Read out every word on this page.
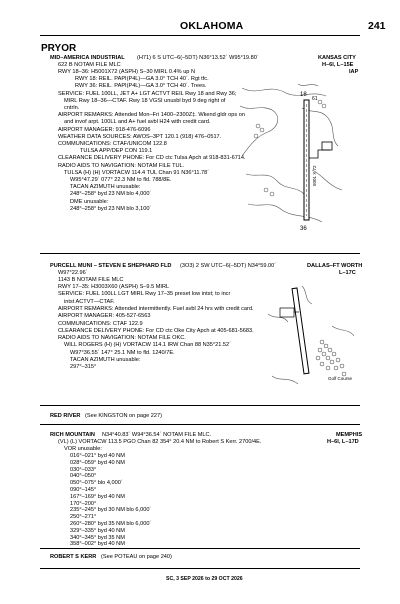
OKLAHOMA	241
PRYOR
MID–AMERICA INDUSTRIAL (H71) 6 S UTC–6(–5DT) N36°13.52´ W95°19.80´	KANSAS CITY
622 B NOTAM FILE MLC	H–6I, L–15E
IAP
RWY 18–36: H5001X72 (ASPH) S–30 MIRL 0.4% up N
RWY 18: REIL. PAPI(P4L)—GA 3.0° TCH 40´. Rgt tfc.
RWY 36: REIL. PAPI(P4L)—GA 3.0° TCH 40´. Trees.
SERVICE: FUEL 100LL, JET A+ LGT ACTVT REIL Rwy 18 and Rwy 36;
MIRL Rwy 18–36—CTAF. Rwy 18 VGSI unusbl byd 9 deg right of
cntrln.
AIRPORT REMARKS: Attended Mon–Fri 1400–2300Z‡. Wkend gldr ops on
and invof arpt. 100LL and A+ fuel avbl H24 with credit card.
AIRPORT MANAGER: 918-476-6096
WEATHER DATA SOURCES: AWOS–3PT 120.1 (918) 476–0517.
COMMUNICATIONS: CTAF/UNICOM 122.8
TULSA APP/DEP CON 119.1
CLEARANCE DELIVERY PHONE: For CD ctc Tulsa Apch at 918-831-6714.
RADIO AIDS TO NAVIGATION: NOTAM FILE TUL.
TULSA (H) (H) VORTACW 114.4 TUL Chan 91 N36°11.78´
W95°47.29´ 077° 22.3 NM to fld. 788/8E.
TACAN AZIMUTH unusable:
248°–258° byd 23 NM blo 4,000´
DME unusable:
248°–258° byd 23 NM blo 3,100´
18
36
5001 X 72
61
PURCELL MUNI – STEVEN E SHEPHARD FLD (3O3) 2 SW UTC–6(–5DT) N34°59.00´	DALLAS–FT WORTH
W97°22.96´	L–17C
1143 B NOTAM FILE MLC
RWY 17–35: H3003X60 (ASPH) S–9.5 MIRL
SERVICE: FUEL 100LL LGT MIRL Rwy 17–35 preset low intst; to incr
intst ACTVT—CTAF.
AIRPORT REMARKS: Attended intermittently. Fuel avbl 24 hrs with credit card.
AIRPORT MANAGER: 405-527-6563
COMMUNICATIONS: CTAF 122.9
CLEARANCE DELIVERY PHONE: For CD ctc Oke City Apch at 405-681-5683.
RADIO AIDS TO NAVIGATION: NOTAM FILE OKC.
WILL ROGERS (H) (H) VORTACW 114.1 IRW Chan 88 N35°21.52´
W97°36.55´ 147° 25.1 NM to fld. 1240/7E.
TACAN AZIMUTH unusable:
297°–315°
Golf Course
RED RIVER (See KINGSTON on page 227)
RICH MOUNTAIN N34°40.83´ W94°36.54´ NOTAM FILE MLC.	MEMPHIS
(VL) (L) VORTACW 113.5 PGO Chan 82 354° 20.4 NM to Robert S Kerr. 2700/4E.	H–6I, L–17D
VOR unusable:
016°–021° byd 40 NM
028°–059° byd 40 NM
030°–033°
040°–050°
050°–075° blo 4,000´
090°–145°
167°–169° byd 40 NM
170°–200°
235°–245° byd 30 NM blo 6,000´
250°–271°
260°–280° byd 35 NM blo 6,000´
329°–335° byd 40 NM
340°–345° byd 35 NM
358°–002° byd 40 NM
ROBERT S KERR (See POTEAU on page 240)
SC, 3 SEP 2026 to 29 OCT 2026
